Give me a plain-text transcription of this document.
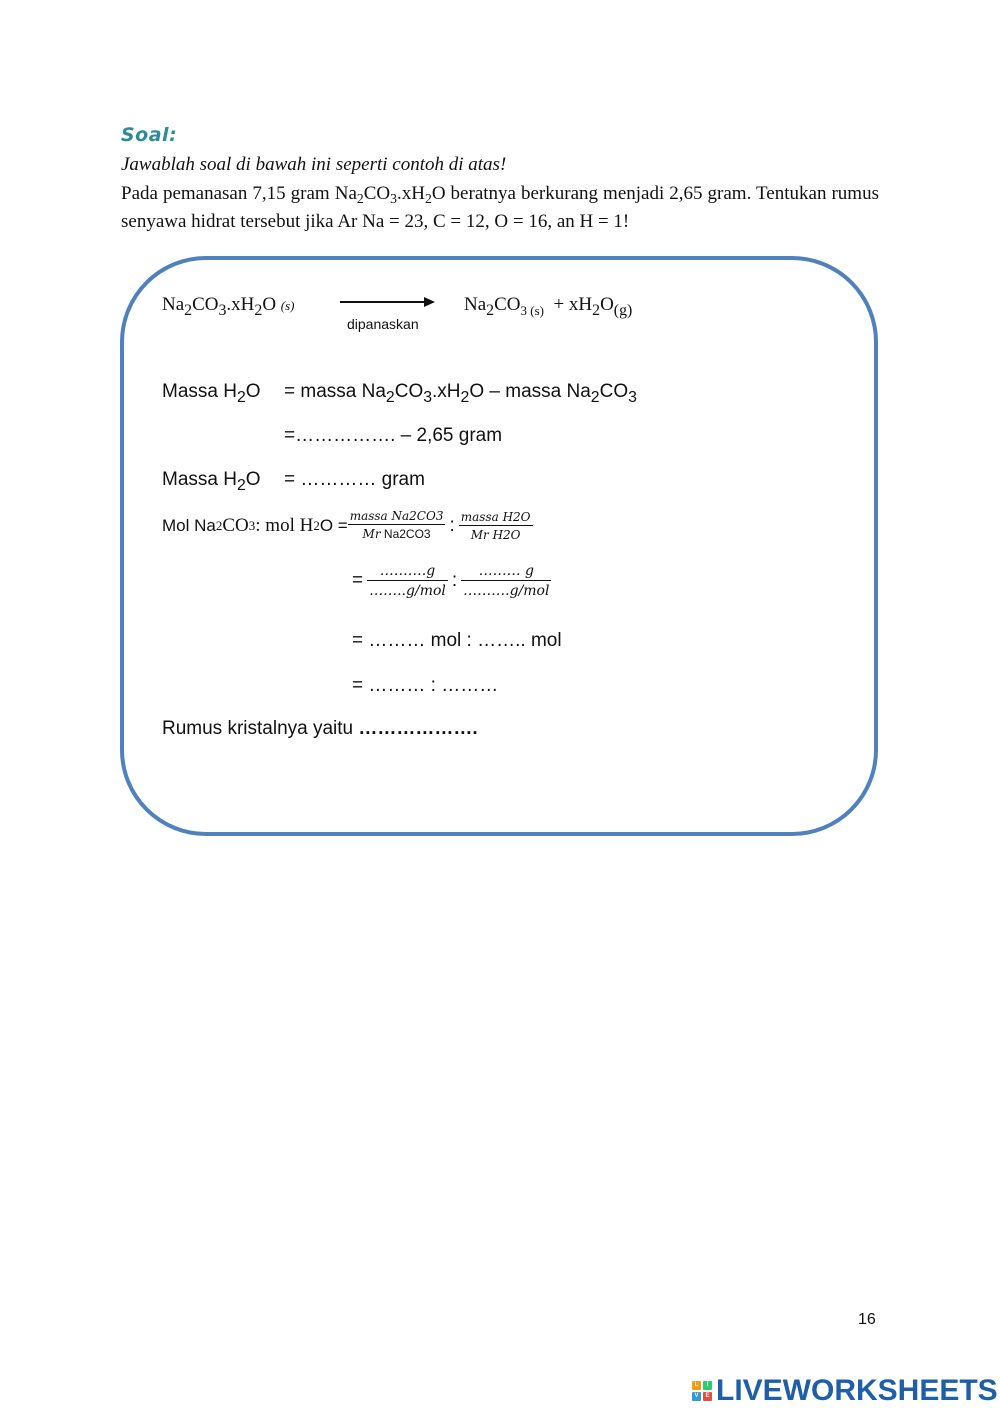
Soal:
Jawablah soal di bawah ini seperti contoh di atas!
Pada pemanasan 7,15 gram $Na_2CO_3.xH_2O$ beratnya berkurang menjadi 2,65 gram. Tentukan rumus senyawa hidrat tersebut jika Ar Na = 23, C = 12, O = 16, an H = 1!
$Na_2CO_3.xH_2O$ (s)
dipanaskan
$Na_2CO_{3 (s)} + xH_2O_{(g)}$
Massa $H_2O$ = massa $Na_2CO_3.xH_2O$ – massa $Na_2CO_3$
=……………. – 2,65 gram
Massa $H_2O$ = ………… gram
Mol Na 2 CO 3 : mol H 2 $O = \frac{\text{massa Na2CO3}}{\text{Mr Na2CO3}}$ : $\frac{\text{massa H2O}}{\text{Mr H2O}}$
= $\frac{\dots\dots\dots.g}{\text{……..g/mol}}$ : $\frac{\dots\dots\dots g}{\text{……….g/mol}}$
= ……… mol : …….. mol
= ……… : ………
Rumus kristalnya yaitu ……………….
16
L	I
V	E LIVEWORKSHEETS
